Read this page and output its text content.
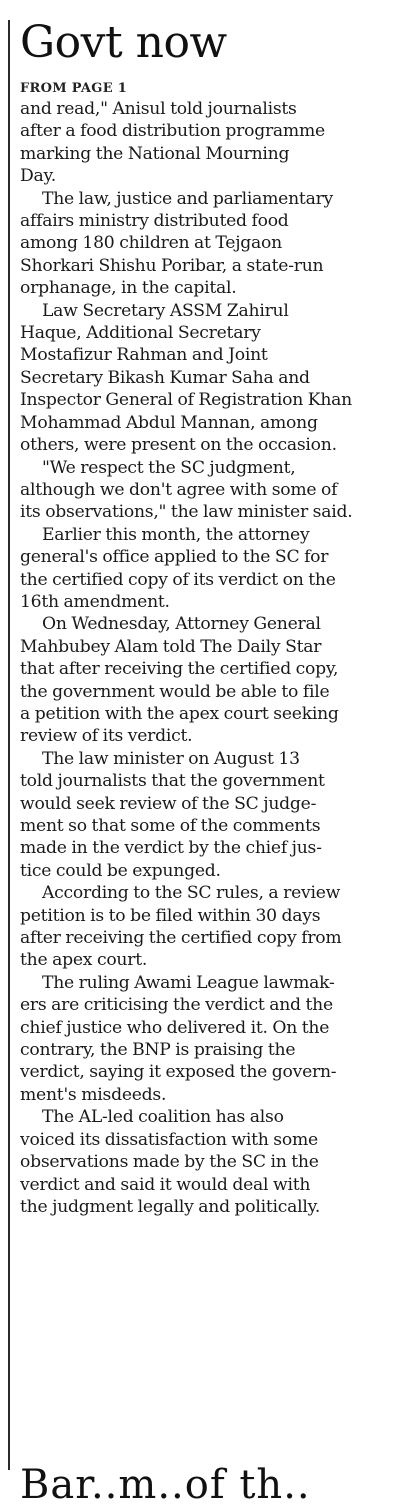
Govt now
FROM PAGE 1

and read," Anisul told journalists
after a food distribution programme
marking the National Mourning
Day.

The law, justice and parliamentary
affairs ministry distributed food
among 180 children at Tejgaon
Shorkari Shishu Poribar, a state-run
orphanage, in the capital.

Law Secretary ASSM Zahirul
Haque, Additional Secretary
Mostafizur Rahman and Joint
Secretary Bikash Kumar Saha and
Inspector General of Registration Khan
Mohammad Abdul Mannan, among
others, were present on the occasion.

"We respect the SC judgment,
although we don't agree with some of
its observations," the law minister said.

Earlier this month, the attorney
general's office applied to the SC for
the certified copy of its verdict on the
16th amendment.

On Wednesday, Attorney General
Mahbubey Alam told The Daily Star
that after receiving the certified copy,
the government would be able to file
a petition with the apex court seeking
review of its verdict.

The law minister on August 13
told journalists that the government
would seek review of the SC judge-
ment so that some of the comments
made in the verdict by the chief jus-
tice could be expunged.

According to the SC rules, a review
petition is to be filed within 30 days
after receiving the certified copy from
the apex court.

The ruling Awami League lawmak-
ers are criticising the verdict and the
chief justice who delivered it. On the
contrary, the BNP is praising the
verdict, saying it exposed the govern-
ment's misdeeds.

The AL-led coalition has also
voiced its dissatisfaction with some
observations made by the SC in the
verdict and said it would deal with
the judgment legally and politically.

Bar..m..of th..
